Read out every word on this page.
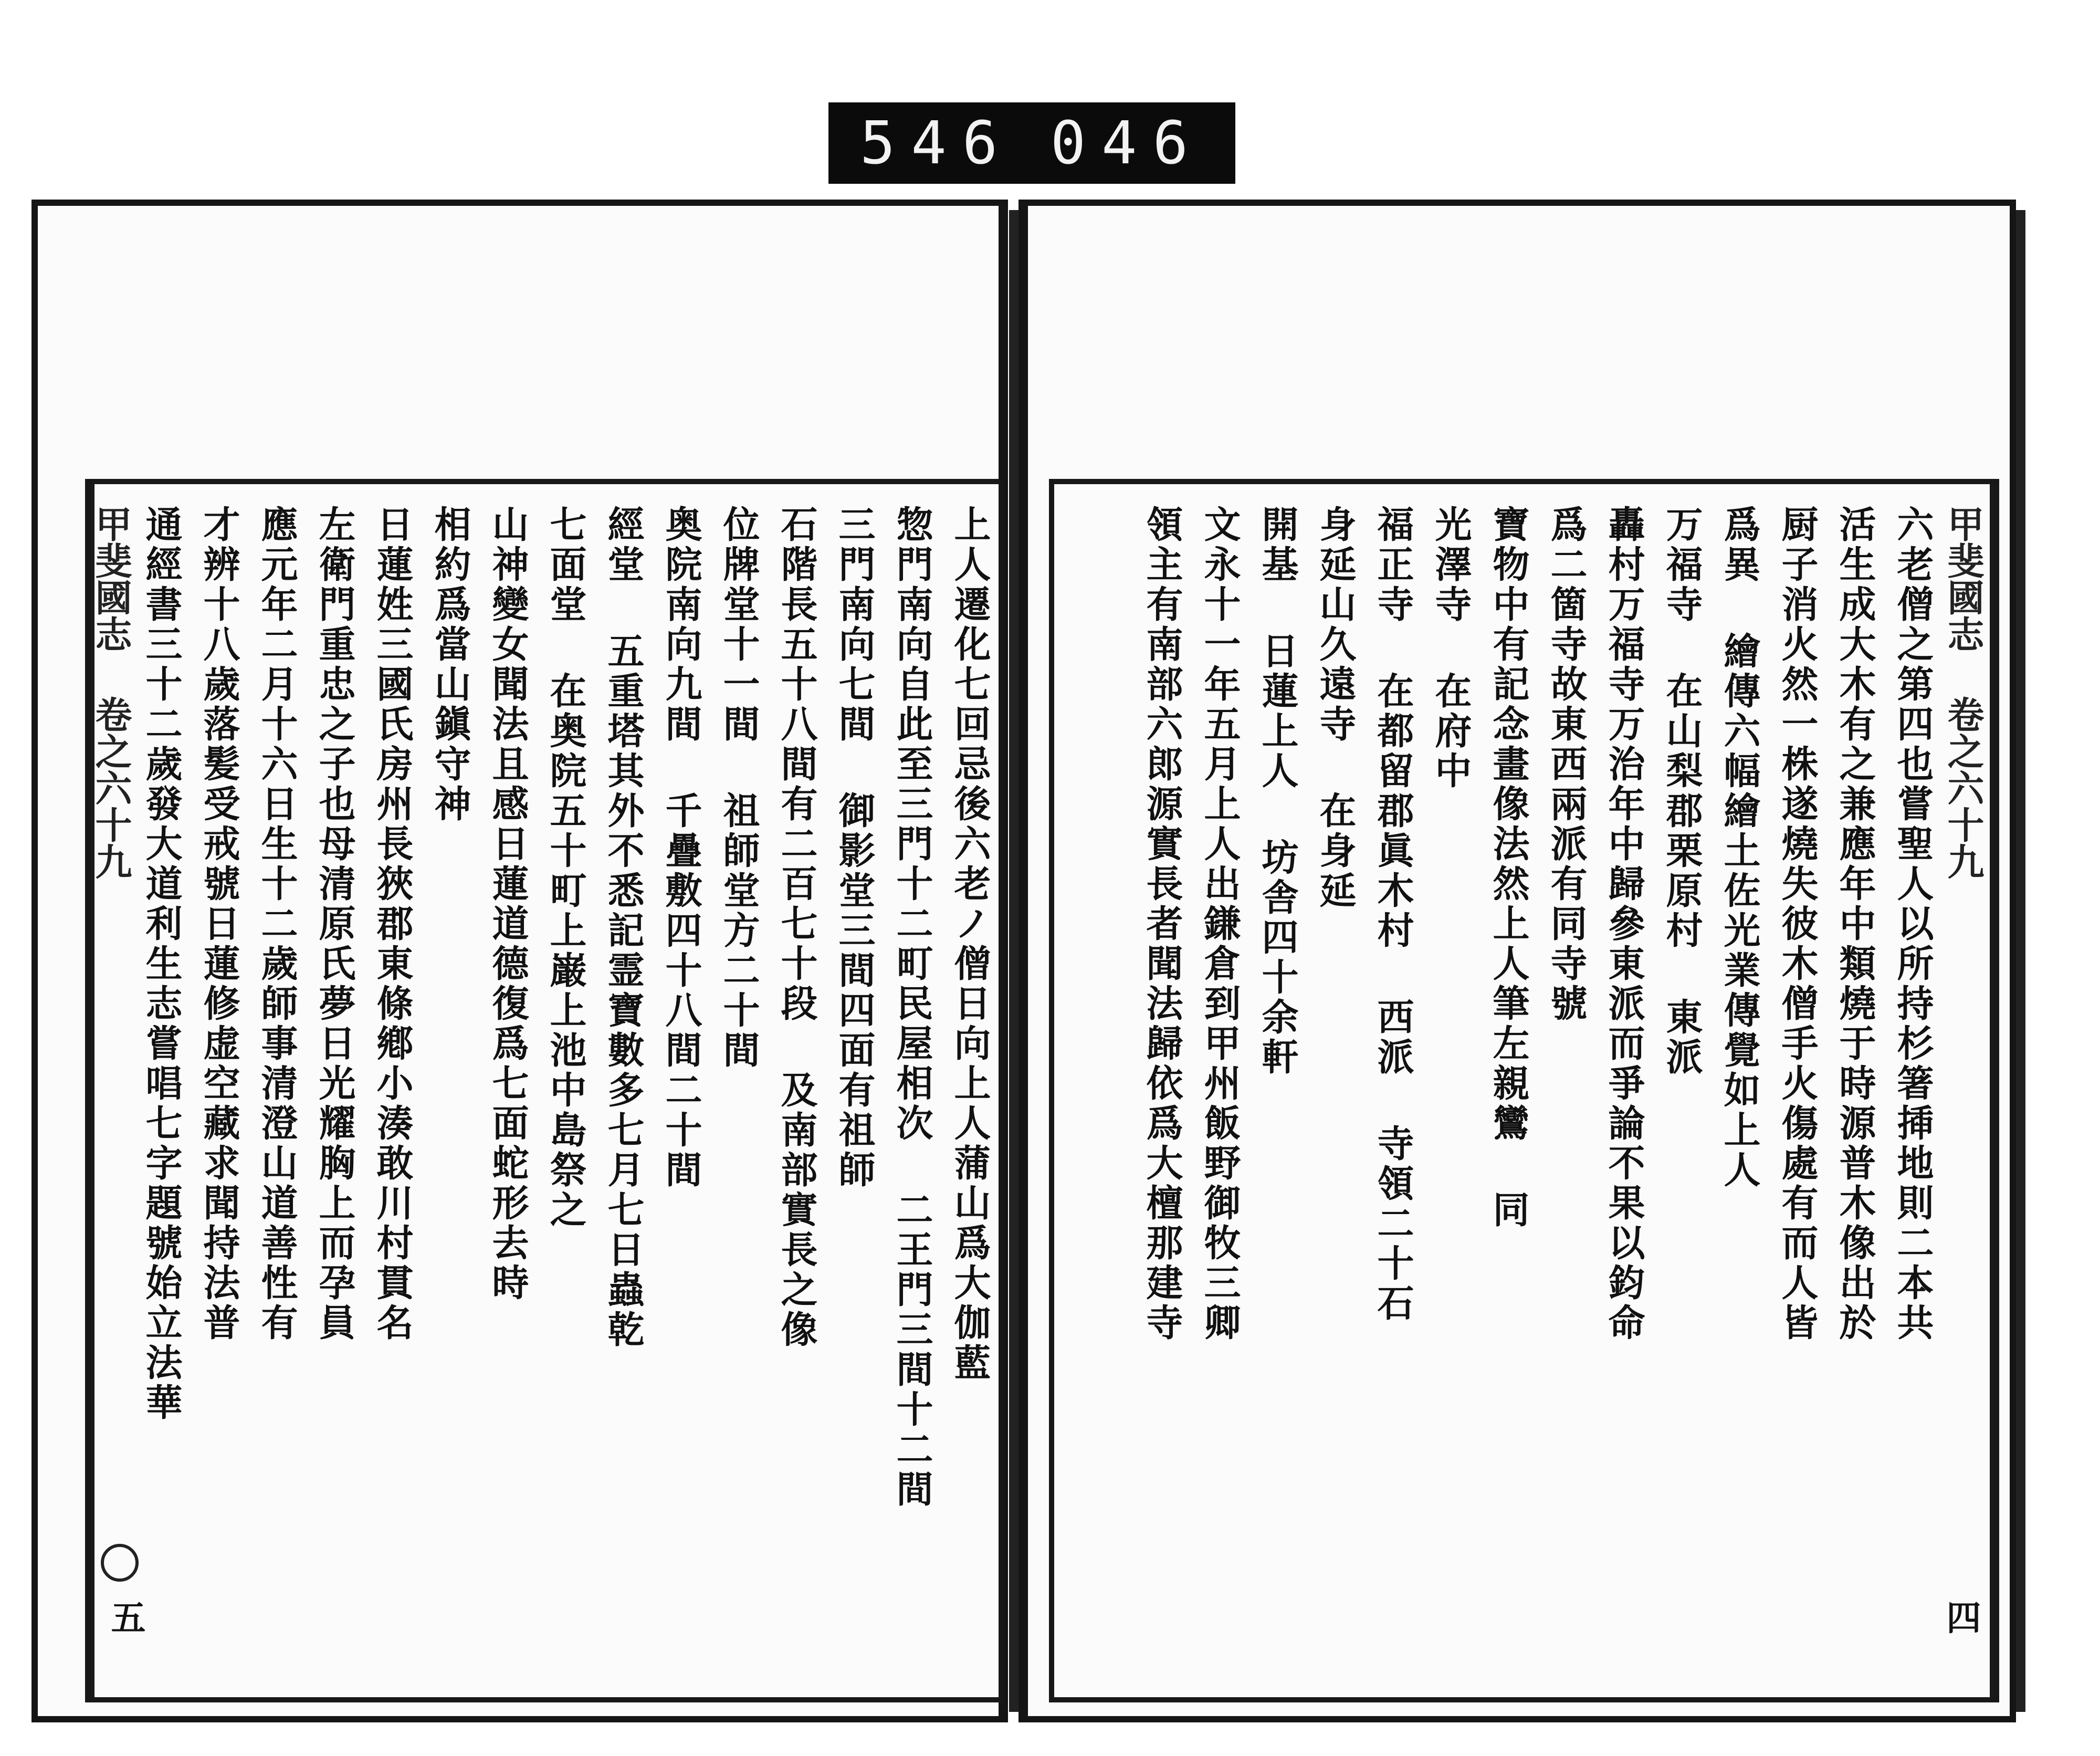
546 046
甲斐國志 卷之六十九	上人遷化七回忌後六老ノ僧日向上人蒲山爲大伽藍
惣門南向自此至三門十二町民屋相次 二王門三間十二間
三門南向七間 御影堂三間四面有祖師
石階長五十八間有二百七十段 及南部實長之像
位牌堂十一間 祖師堂方二十間
奥院南向九間 千疊敷四十八間二十間
經堂 五重塔其外不悉記霊寶數多七月七日蟲乾
七面堂 在奥院五十町上巌上池中島祭之
山神變女聞法且感日蓮道德復爲七面蛇形去時
相約爲當山鎭守神
日蓮姓三國氏房州長狹郡東條鄕小湊敢川村貫名
左衛門重忠之子也母清原氏夢日光耀胸上而孕員
應元年二月十六日生十二歲師事清澄山道善性有
才辨十八歲落髪受戒號日蓮修虚空藏求聞持法普
通經書三十二歲發大道利生志嘗唱七字題號始立法華
五
甲斐國志 卷之六十九
六老僧之第四也嘗聖人以所持杉箸揷地則二本共
活生成大木有之兼應年中類燒于時源普木像出於
厨子消火然一株遂燒失彼木僧手火傷處有而人皆
爲異 繪傳六幅繪土佐光業傳覺如上人
万福寺 在山梨郡栗原村 東派
轟村万福寺万治年中歸參東派而爭論不果以鈞命
爲二箇寺故東西兩派有同寺號
寶物中有記念畫像法然上人筆左親鸞 同
光澤寺 在府中
福正寺 在都留郡眞木村 西派 寺領二十石
身延山久遠寺 在身延
開基 日蓮上人 坊舎四十余軒
文永十一年五月上人出鎌倉到甲州飯野御牧三卿
領主有南部六郎源實長者聞法歸依爲大檀那建寺
四
